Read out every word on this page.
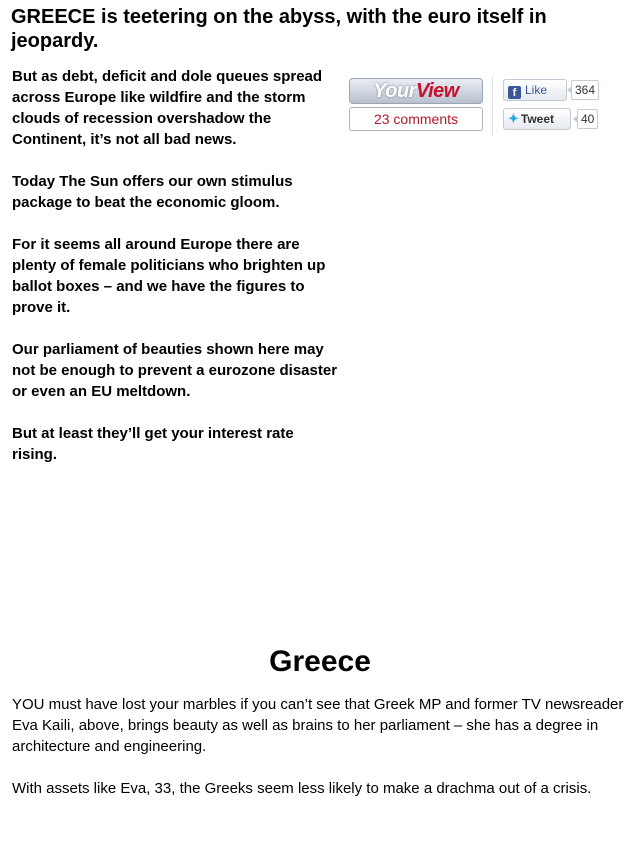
GREECE is teetering on the abyss, with the euro itself in jeopardy.

But as debt, deficit and dole queues spread across Europe like wildfire and the storm clouds of recession overshadow the Continent, it’s not all bad news.

Today The Sun offers our own stimulus package to beat the economic gloom.

For it seems all around Europe there are plenty of female politicians who brighten up ballot boxes – and we have the figures to prove it.

Our parliament of beauties shown here may not be enough to prevent a eurozone disaster or even an EU meltdown.

But at least they’ll get your interest rate rising.

YourView
23 comments
f Like	364
✦ Tweet	40
Greece

YOU must have lost your marbles if you can’t see that Greek MP and former TV newsreader Eva Kaili, above, brings beauty as well as brains to her parliament – she has a degree in architecture and engineering.

With assets like Eva, 33, the Greeks seem less likely to make a drachma out of a crisis.
